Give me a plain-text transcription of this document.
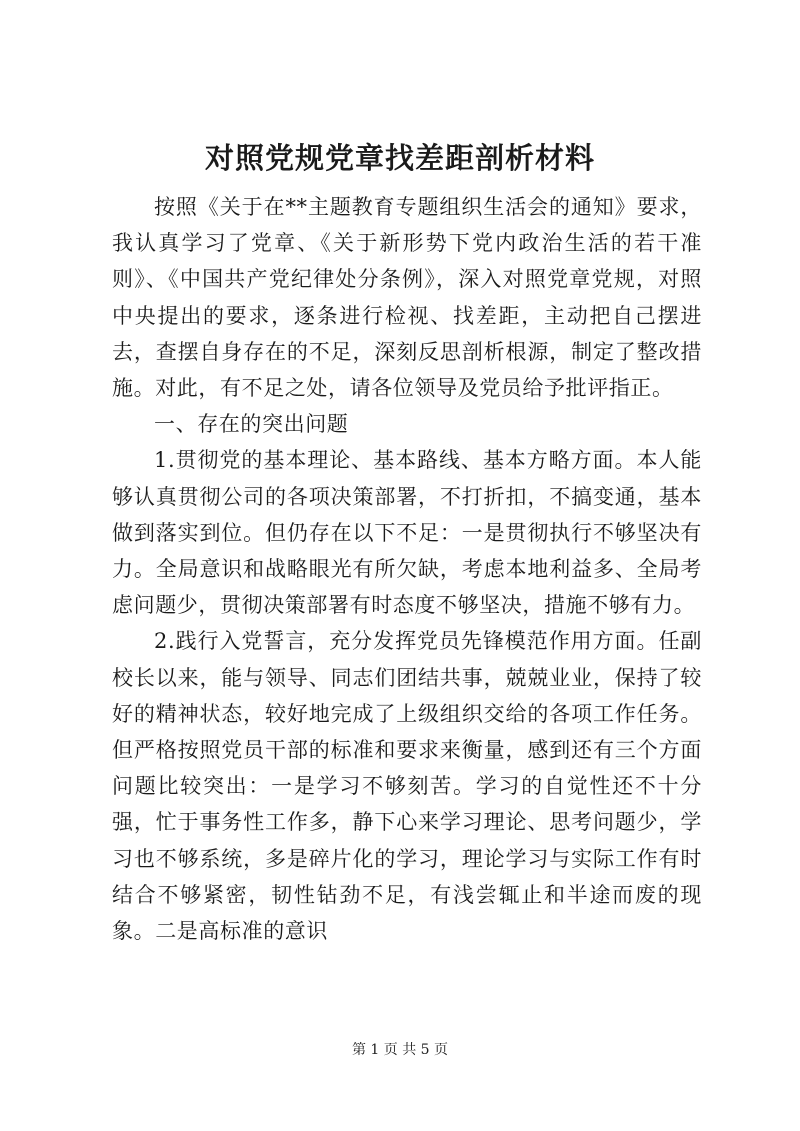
对照党规党章找差距剖析材料

按照《关于在**主题教育专题组织生活会的通知》要求，我认真学习了党章、《关于新形势下党内政治生活的若干准则》、《中国共产党纪律处分条例》，深入对照党章党规，对照中央提出的要求，逐条进行检视、找差距，主动把自己摆进去，查摆自身存在的不足，深刻反思剖析根源，制定了整改措施。对此，有不足之处，请各位领导及党员给予批评指正。

一、存在的突出问题

1.贯彻党的基本理论、基本路线、基本方略方面。本人能够认真贯彻公司的各项决策部署，不打折扣，不搞变通，基本做到落实到位。但仍存在以下不足：一是贯彻执行不够坚决有力。全局意识和战略眼光有所欠缺，考虑本地利益多、全局考虑问题少，贯彻决策部署有时态度不够坚决，措施不够有力。

2.践行入党誓言，充分发挥党员先锋模范作用方面。任副校长以来，能与领导、同志们团结共事，兢兢业业，保持了较好的精神状态，较好地完成了上级组织交给的各项工作任务。但严格按照党员干部的标准和要求来衡量，感到还有三个方面问题比较突出：一是学习不够刻苦。学习的自觉性还不十分强，忙于事务性工作多，静下心来学习理论、思考问题少，学习也不够系统，多是碎片化的学习，理论学习与实际工作有时结合不够紧密，韧性钻劲不足，有浅尝辄止和半途而废的现象。二是高标准的意识

第 1 页 共 5 页
